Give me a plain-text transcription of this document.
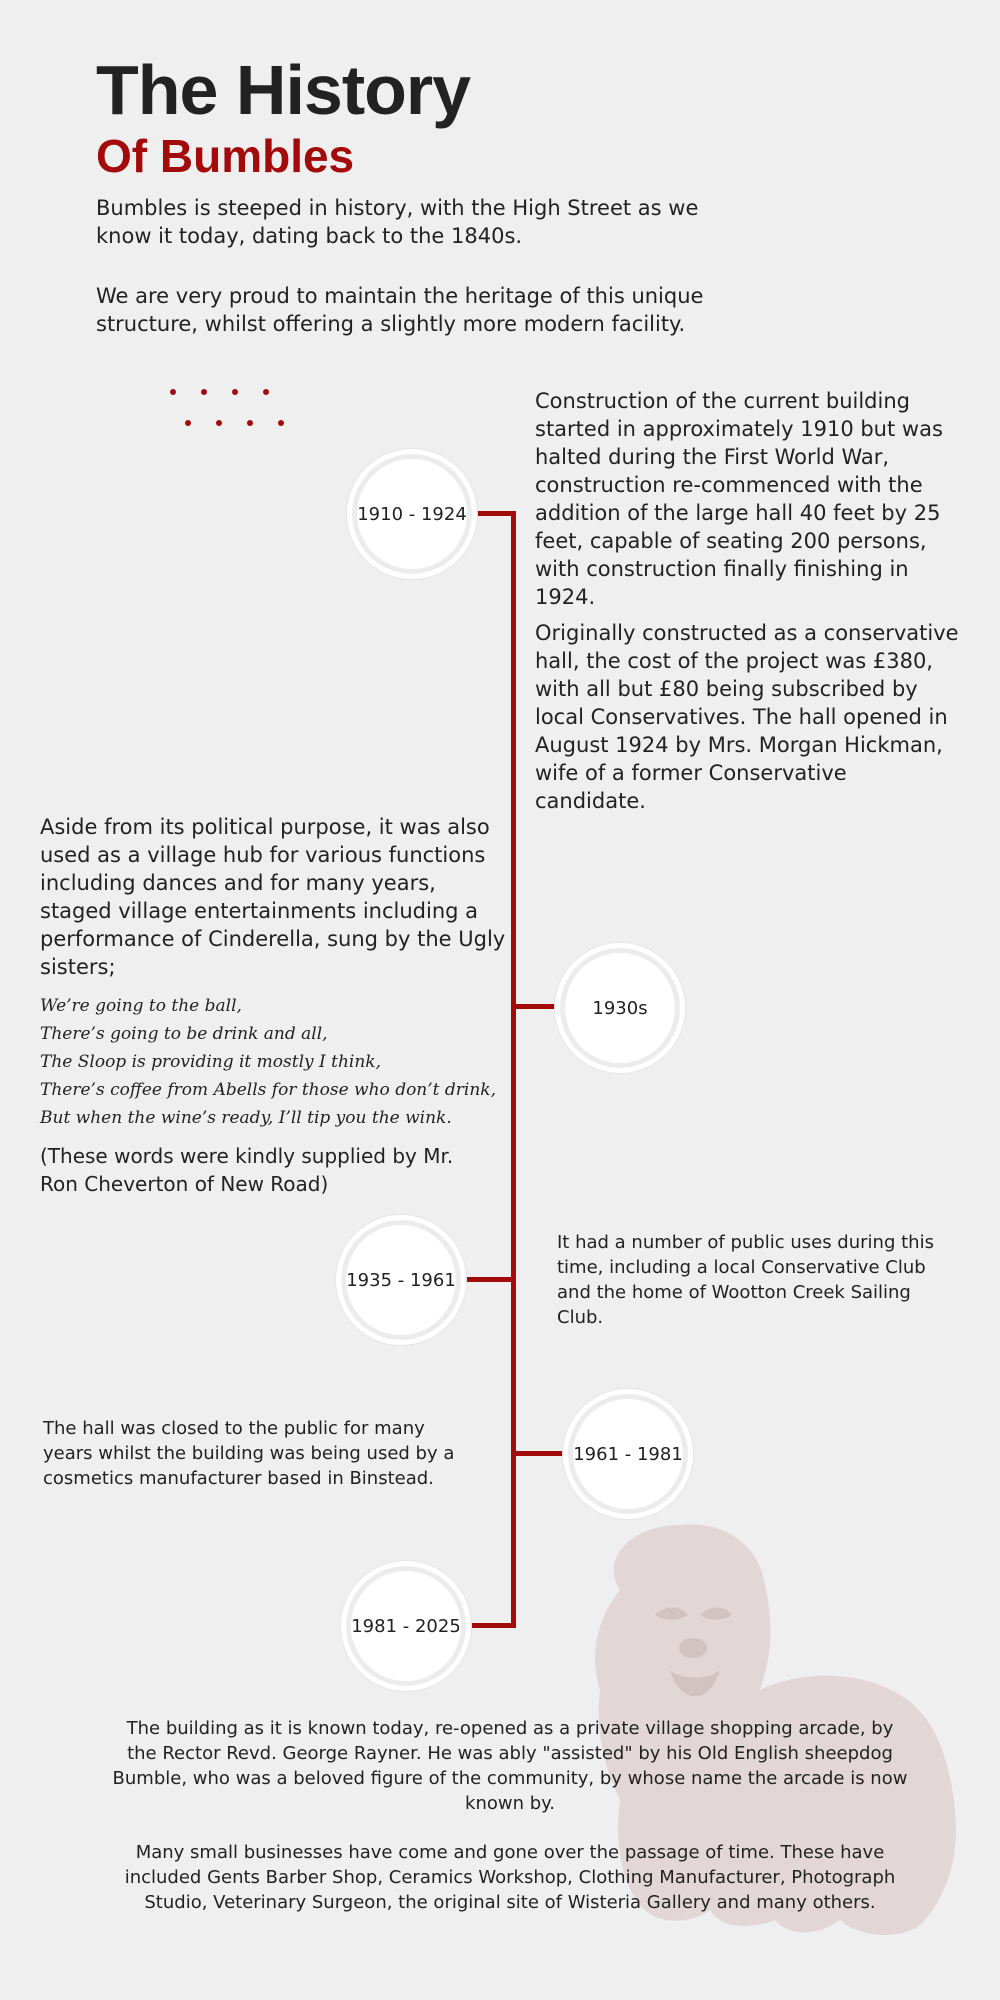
The History
Of Bumbles

Bumbles is steeped in history, with the High Street as we know it today, dating back to the 1840s.

We are very proud to maintain the heritage of this unique structure, whilst offering a slightly more modern facility.

1910 - 1924
1930s
1935 - 1961
1961 - 1981
1981 - 2025

Construction of the current building started in approximately 1910 but was halted during the First World War, construction re-commenced with the addition of the large hall 40 feet by 25 feet, capable of seating 200 persons, with construction finally finishing in 1924.

Originally constructed as a conservative hall, the cost of the project was £380, with all but £80 being subscribed by local Conservatives. The hall opened in August 1924 by Mrs. Morgan Hickman, wife of a former Conservative candidate.

Aside from its political purpose, it was also used as a village hub for various functions including dances and for many years, staged village entertainments including a performance of Cinderella, sung by the Ugly sisters;

We’re going to the ball,
There’s going to be drink and all,
The Sloop is providing it mostly I think,
There’s coffee from Abells for those who don’t drink,
But when the wine’s ready, I’ll tip you the wink.

(These words were kindly supplied by Mr. Ron Cheverton of New Road)

It had a number of public uses during this time, including a local Conservative Club and the home of Wootton Creek Sailing Club.

The hall was closed to the public for many years whilst the building was being used by a cosmetics manufacturer based in Binstead.

The building as it is known today, re-opened as a private village shopping arcade, by the Rector Revd. George Rayner. He was ably "assisted" by his Old English sheepdog Bumble, who was a beloved figure of the community, by whose name the arcade is now known by.

Many small businesses have come and gone over the passage of time. These have included Gents Barber Shop, Ceramics Workshop, Clothing Manufacturer, Photograph Studio, Veterinary Surgeon, the original site of Wisteria Gallery and many others.
